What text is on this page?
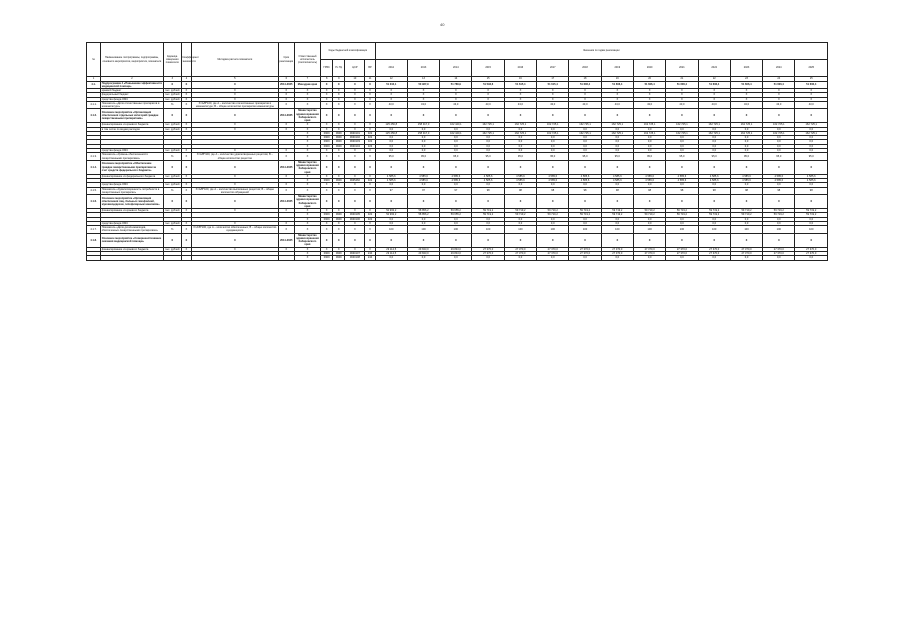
40
№	Наименование госпрограммы, подпрограммы, основного мероприятия, мероприятия, показателя	Единица измерения показателя	Коэффициент значимости	Методика расчета показателя	Срок реализации	Ответственный исполнитель (соисполнитель)	Коды бюджетной классификации				Значения по годам реализации													
							ГРБС	Рз Пр	ЦСР	ВР	2012	2013	2014	2015	2016	2017	2018	2019	2020	2021	2022	2023	2024	2025
1	2	3	4	5	6	7	8	9	10	11	12	13	14	15	16	17	18	19	20	21	22	23	24	25
4.1.	Подпрограмма 4 «Повышение эффективности медицинской помощи»	X	X	X	2014-2025	Минздрав края	X	X	X	X	51 316,1	50 927,9	51 780,9	51 592,6	51 615,4	51 615,4	51 606,4	51 606,4	51 606,4	51 606,4	51 606,4	51 606,4	51 606,4	51 606,4
	краевой бюджет	тыс. рублей	X	X	X	X	X	X	X	X	X	X	X	X	X	X	X	X	X	X	X	X	X	X
	федеральный бюджет	тыс. рублей	X	X	X	X	X	X	X	X	X	X	X	X	X	X	X	X	X	X	X	X	X	X
	средства фонда ОМС	тыс. рублей	X	X	X	X	X	X	X	X	X	X	X	X	X	X	X	X	X	X	X	X	X	X
4.1.1.	Показатель «Доля отечественных препаратов в номенклатуре»	%	X	Х=A/B*100, где А – количество отечественных препаратов в номенклатуре; В – общее количество препаратов номенклатуры	X	X	X	X	X	X	43,0	43,0	43,0	43,0	43,0	43,0	43,0	43,0	43,0	43,0	43,0	43,0	43,0	43,0
4.1.2.	Основное мероприятие «Организация обеспечения отдельных категорий граждан лекарственными препаратами»	X	X	X	2014-2025	Министерство здравоохранения Хабаровского края	X	X	X	X	X	X	X	X	X	X	X	X	X	X	X	X	X	X
	финансирование из краевого бюджета	тыс. рублей	X	X	X	X	X	X	X	X	125 456,8	158 917,0	162 440,1	162 725,1	162 725,1	162 725,1	162 725,1	162 725,1	162 725,1	162 725,1	162 725,1	162 725,1	162 725,1	162 725,1
	в том числе по видам расходов	тыс. рублей	X	X	X	X	X	X	X	X	0,0	0,0	0,0	0,0	0,0	0,0	0,0	0,0	0,0	0,0	0,0	0,0	0,0	0,0
						X	0909	0909	0930101	322	125 456,8	158 917,0	162 440,1	162 725,1	162 725,1	162 725,1	162 725,1	162 725,1	162 725,1	162 725,1	162 725,1	162 725,1	162 725,1	162 725,1
						X	0909	0909	0930102	322	0,0	0,0	0,0	0,0	0,0	0,0	0,0	0,0	0,0	0,0	0,0	0,0	0,0	0,0
						X	0909	0909	0930103	322	0,0	0,0	0,0	0,0	0,0	0,0	0,0	0,0	0,0	0,0	0,0	0,0	0,0	0,0
						X	0909	0909	0930104	323	0,0	0,0	0,0	0,0	0,0	0,0	0,0	0,0	0,0	0,0	0,0	0,0	0,0	0,0
	средства фонда ОМС	тыс. рублей	X	X	X	X	X	X	X	X	0,0	0,0	0,0	0,0	0,0	0,0	0,0	0,0	0,0	0,0	0,0	0,0	0,0	0,0
4.1.3.	Показатель «Уровень обеспеченности лекарственными препаратами»	%	X	Х=A/B*100, где А – количество удовлетворенных рецептов; В – общее количество рецептов	X	X	X	X	X	X	95,0	95,0	95,0	95,0	95,0	95,0	95,0	95,0	95,0	95,0	95,0	95,0	95,0	95,0
4.1.4.	Основное мероприятие «Обеспечение граждан лекарственными препаратами за счет средств федерального бюджета»	X	X	X	2014-2025	Министерство здравоохранения Хабаровского края	X	X	X	X	X	X	X	X	X	X	X	X	X	X	X	X	X	X
	финансирование из федерального бюджета	тыс. рублей	X	X	X	X	X	X	X	X	4 585,6	4 585,6	4 585,6	4 585,6	4 585,6	4 585,6	4 585,6	4 585,6	4 585,6	4 585,6	4 585,6	4 585,6	4 585,6	4 585,6
						X	0909	0909	0935460	322	4 585,6	4 585,6	4 585,6	4 585,6	4 585,6	4 585,6	4 585,6	4 585,6	4 585,6	4 585,6	4 585,6	4 585,6	4 585,6	4 585,6
	средства фонда ОМС	тыс. рублей	X	X	X	X	X	X	X	X	0,0	0,0	0,0	0,0	0,0	0,0	0,0	0,0	0,0	0,0	0,0	0,0	0,0	0,0
4.1.5.	Показатель «Удовлетворенность потребности в лекарственных препаратах»	%	X	Х=A/B*100, где А – количество выписанных рецептов; В – общее количество обращений	X	X	X	X	X	X	97	97	97	98	98	98	98	98	98	98	98	98	98	98
4.1.6.	Основное мероприятие «Организация обеспечения лиц, больных гемофилией, муковисцидозом, гипофизарным нанизмом»	X	X	X	2014-2025	Министерство здравоохранения Хабаровского края	X	X	X	X	X	X	X	X	X	X	X	X	X	X	X	X	X	X
	финансирование из краевого бюджета	тыс. рублей	X	X	X	X	X	X	X	X	52 993,2	58 856,2	59 655,2	59 719,2	59 719,2	59 719,2	59 719,2	59 719,2	59 719,2	59 719,2	59 719,2	59 719,2	59 719,2	59 719,2
						X	0909	0909	0930105	322	52 993,2	58 856,2	59 655,2	59 719,2	59 719,2	59 719,2	59 719,2	59 719,2	59 719,2	59 719,2	59 719,2	59 719,2	59 719,2	59 719,2
						X	0909	0909	0930106	322	0,0	0,0	0,0	0,0	0,0	0,0	0,0	0,0	0,0	0,0	0,0	0,0	0,0	0,0
	средства фонда ОМС	тыс. рублей	X	X	X	X	X	X	X	X	0,0	0,0	0,0	0,0	0,0	0,0	0,0	0,0	0,0	0,0	0,0	0,0	0,0	0,0
4.1.7.	Показатель «Доля детей-инвалидов, обеспеченных лекарственными препаратами»	%	X	Х=A/B*100, где А – количество обеспеченных; В – общее количество нуждающихся	X	X	X	X	X	X	100	100	100	100	100	100	100	100	100	100	100	100	100	100
4.1.8.	Основное мероприятие «Совершенствование оказания медицинской помощи»	X	X	X	2014-2025	Министерство здравоохранения Хабаровского края	X	X	X	X	X	X	X	X	X	X	X	X	X	X	X	X	X	X
	финансирование из краевого бюджета	тыс. рублей	X	X	X	X	X	X	X	X	29 112,5	29 843,0	29 843,0	27 370,0	27 370,0	27 370,0	27 370,0	27 370,0	27 370,0	27 370,0	27 370,0	27 370,0	27 370,0	27 370,0
						X	0909	0909	0930107	244	29 112,5	29 843,0	29 843,0	27 370,0	27 370,0	27 370,0	27 370,0	27 370,0	27 370,0	27 370,0	27 370,0	27 370,0	27 370,0	27 370,0
						X	0909	0909	0930108	244	0,0	0,0	0,0	0,0	0,0	0,0	0,0	0,0	0,0	0,0	0,0	0,0	0,0	0,0
